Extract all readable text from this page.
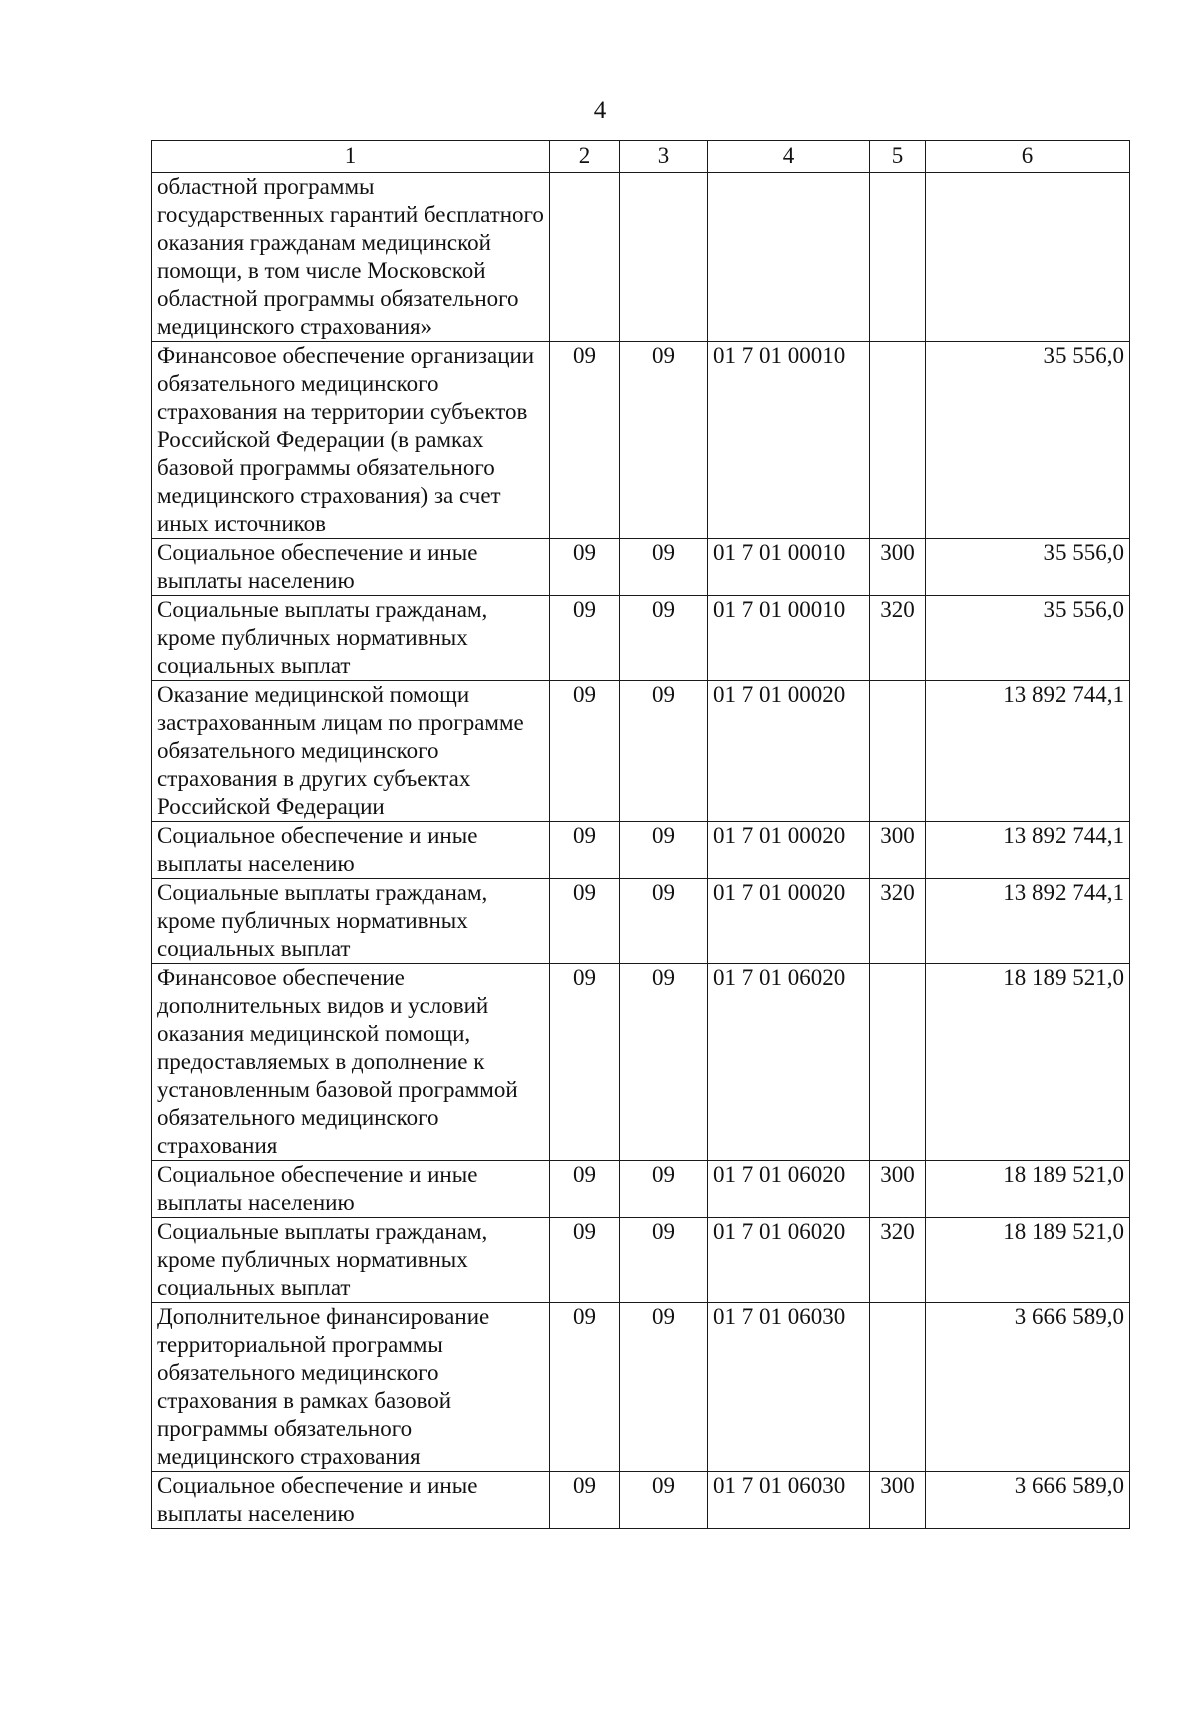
4
1	2	3	4	5	6
областной программы государственных гарантий бесплатного оказания гражданам медицинской помощи, в том числе Московской областной программы обязательного медицинского страхования»					
Финансовое обеспечение организации обязательного медицинского страхования на территории субъектов Российской Федерации (в рамках базовой программы обязательного медицинского страхования) за счет иных источников	09	09	01 7 01 00010		35 556,0
Социальное обеспечение и иные выплаты населению	09	09	01 7 01 00010	300	35 556,0
Социальные выплаты гражданам, кроме публичных нормативных социальных выплат	09	09	01 7 01 00010	320	35 556,0
Оказание медицинской помощи застрахованным лицам по программе обязательного медицинского страхования в других субъектах Российской Федерации	09	09	01 7 01 00020		13 892 744,1
Социальное обеспечение и иные выплаты населению	09	09	01 7 01 00020	300	13 892 744,1
Социальные выплаты гражданам, кроме публичных нормативных социальных выплат	09	09	01 7 01 00020	320	13 892 744,1
Финансовое обеспечение дополнительных видов и условий оказания медицинской помощи, предоставляемых в дополнение к установленным базовой программой обязательного медицинского страхования	09	09	01 7 01 06020		18 189 521,0
Социальное обеспечение и иные выплаты населению	09	09	01 7 01 06020	300	18 189 521,0
Социальные выплаты гражданам, кроме публичных нормативных социальных выплат	09	09	01 7 01 06020	320	18 189 521,0
Дополнительное финансирование территориальной программы обязательного медицинского страхования в рамках базовой программы обязательного медицинского страхования	09	09	01 7 01 06030		3 666 589,0
Социальное обеспечение и иные выплаты населению	09	09	01 7 01 06030	300	3 666 589,0
